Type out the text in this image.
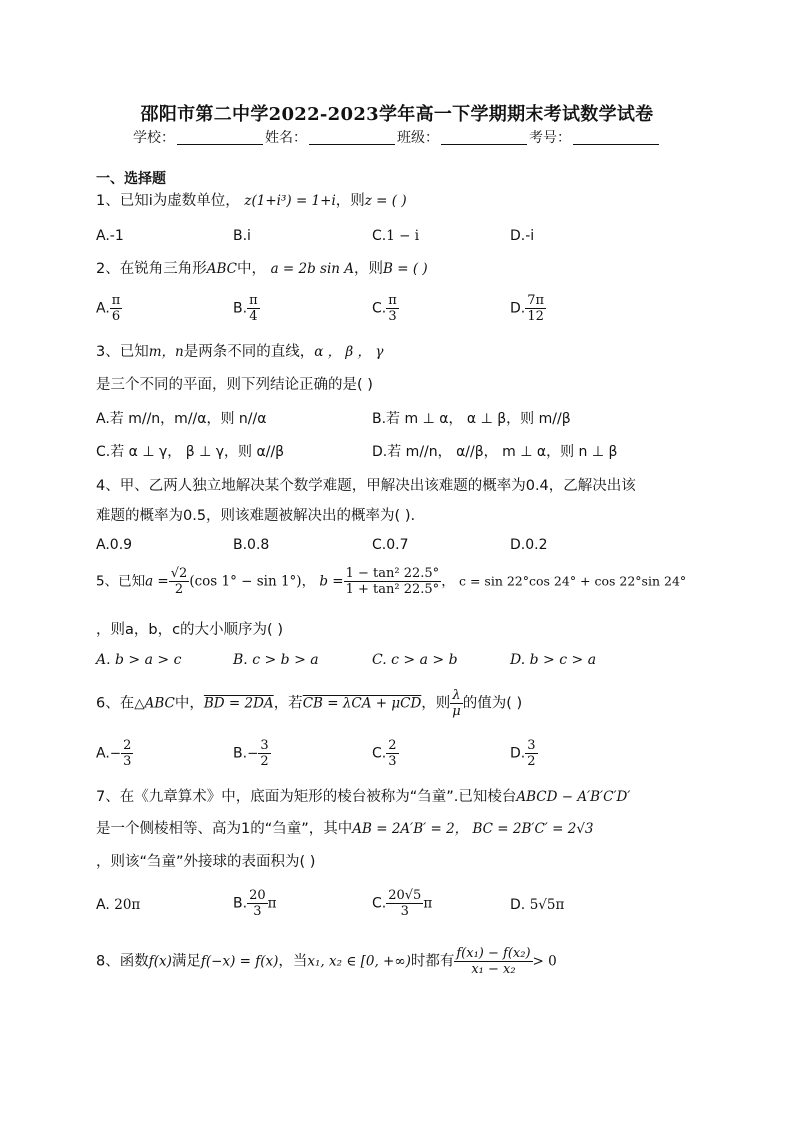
邵阳市第二中学2022-2023学年高一下学期期末考试数学试卷
学校：	姓名：	班级：	考号：
一、选择题
1、已知i为虚数单位， z(1+i³) = 1+i，则z = ( )
A.-1	B.i	C.1 − i	D.-i
2、在锐角三角形ABC中， a = 2b sin A，则B = ( )
A. $\frac{\pi}{6}$	B. $\frac{\pi}{4}$	C. $\frac{\pi}{3}$	D. $\frac{7\pi}{12}$
3、已知m，n是两条不同的直线，α ， β ， γ
是三个不同的平面，则下列结论正确的是( )
A.若 m//n，m//α，则 n//α	B.若 m ⊥ α， α ⊥ β，则 m//β
C.若 α ⊥ γ， β ⊥ γ，则 α//β	D.若 m//n， α//β， m ⊥ α，则 n ⊥ β
4、甲、乙两人独立地解决某个数学难题，甲解决出该难题的概率为0.4，乙解决出该
难题的概率为0.5，则该难题被解决出的概率为( ).
A.0.9	B.0.8	C.0.7	D.0.2
5、已知$a = \frac{√2}{2} (\cos$ 1° − sin 1°)， $b = \frac{\text{1 − tan² 22.5°}}{\text{1 + tan² 22.5°}}$ ， c = sin 22°cos 24° + cos 22°sin 24°
，则a，b，c的大小顺序为( )
A. b > a > c	B. c > b > a	C. c > a > b	D. b > c > a
6、在△ABC中，BD = 2DA，若CB = λCA + μCD，则 $\frac{\lambda}{\mu}$ 的值为( )
$A.- \frac{2}{3}$	$B.- \frac{3}{2}$	C. $\frac{2}{3}$	D. $\frac{3}{2}$
7、在《九章算术》中，底面为矩形的棱台被称为“刍童”.已知棱台ABCD − A′B′C′D′
是一个侧棱相等、高为1的“刍童”，其中AB = 2A′B′ = 2， BC = 2B′C′ = 2√3
，则该“刍童”外接球的表面积为( )
A. 20π	B. $\frac{20}{3}$ π	C. $\frac{20√5}{3}$ π	D. 5√5π
8、函数f(x)满足f(−x) = f(x)，当x₁, x₂ ∈ [0, +∞)时都有 $\frac{\text{f(x₁) − f(x₂)}}{\text{x₁ − x₂}} > 0$
